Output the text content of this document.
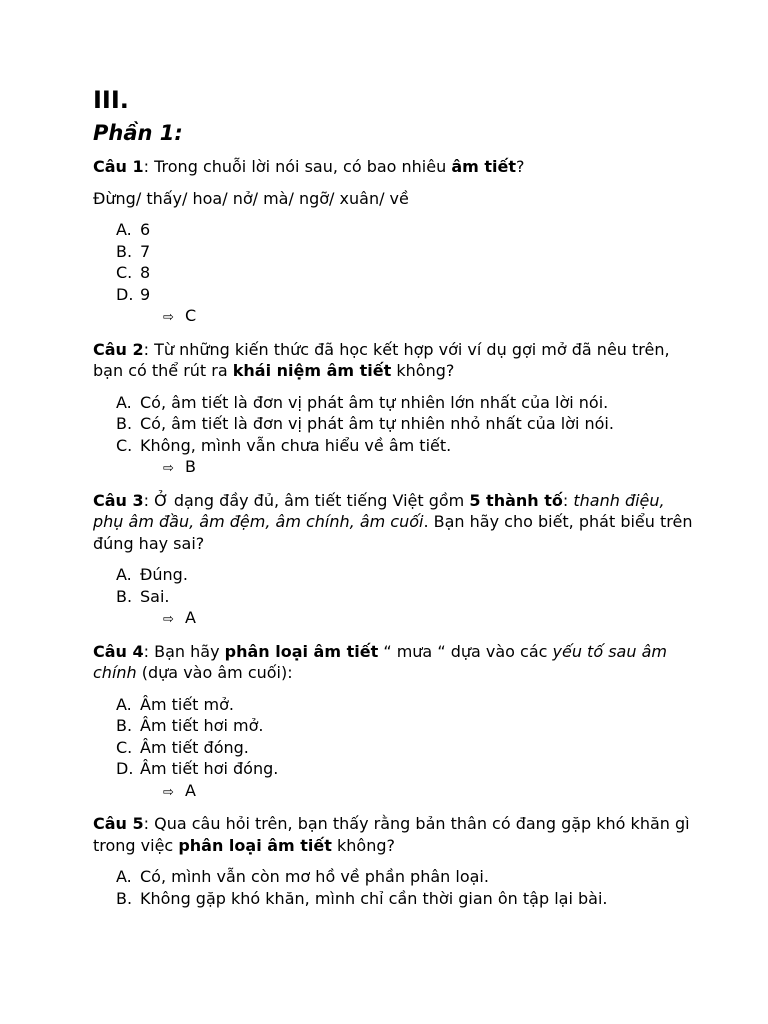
III.
Phần 1:
Câu 1: Trong chuỗi lời nói sau, có bao nhiêu âm tiết?
Đừng/ thấy/ hoa/ nở/ mà/ ngỡ/ xuân/ về
A. 6
B. 7
C. 8
D. 9
⇨ C
Câu 2: Từ những kiến thức đã học kết hợp với ví dụ gợi mở đã nêu trên, bạn có thể rút ra khái niệm âm tiết không?
A. Có, âm tiết là đơn vị phát âm tự nhiên lớn nhất của lời nói.
B. Có, âm tiết là đơn vị phát âm tự nhiên nhỏ nhất của lời nói.
C. Không, mình vẫn chưa hiểu về âm tiết.
⇨ B
Câu 3: Ở dạng đầy đủ, âm tiết tiếng Việt gồm 5 thành tố: thanh điệu, phụ âm đầu, âm đệm, âm chính, âm cuối. Bạn hãy cho biết, phát biểu trên đúng hay sai?
A. Đúng.
B. Sai.
⇨ A
Câu 4: Bạn hãy phân loại âm tiết “ mưa “ dựa vào các yếu tố sau âm chính (dựa vào âm cuối):
A. Âm tiết mở.
B. Âm tiết hơi mở.
C. Âm tiết đóng.
D. Âm tiết hơi đóng.
⇨ A
Câu 5: Qua câu hỏi trên, bạn thấy rằng bản thân có đang gặp khó khăn gì trong việc phân loại âm tiết không?
A. Có, mình vẫn còn mơ hồ về phần phân loại.
B. Không gặp khó khăn, mình chỉ cần thời gian ôn tập lại bài.
